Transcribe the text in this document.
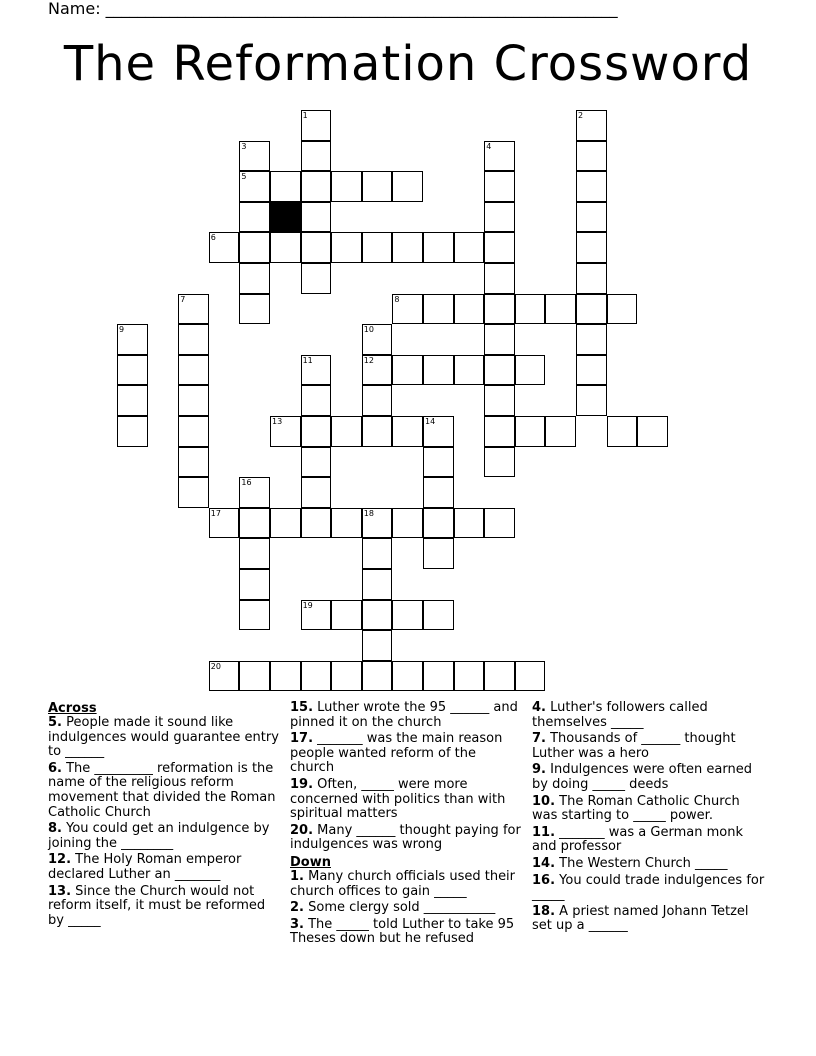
Name: ________________________________________________________________
The Reformation Crossword
1	2
3
5
4
6
7	8
9	10
12
11
13	14
16
17	18
19
20
Across
5. People made it sound like indulgences would guarantee entry to ______
6. The _________ reformation is the name of the religious reform movement that divided the Roman Catholic Church
8. You could get an indulgence by joining the ________
12. The Holy Roman emperor declared Luther an _______
13. Since the Church would not reform itself, it must be reformed by _____
15. Luther wrote the 95 ______ and pinned it on the church
17. _______ was the main reason people wanted reform of the church
19. Often, _____ were more concerned with politics than with spiritual matters
20. Many ______ thought paying for indulgences was wrong
Down
1. Many church officials used their church offices to gain _____
2. Some clergy sold ___________
3. The _____ told Luther to take 95 Theses down but he refused
4. Luther's followers called themselves _____
7. Thousands of ______ thought Luther was a hero
9. Indulgences were often earned by doing _____ deeds
10. The Roman Catholic Church was starting to _____ power.
11. _______ was a German monk and professor
14. The Western Church _____
16. You could trade indulgences for _____
18. A priest named Johann Tetzel set up a ______
